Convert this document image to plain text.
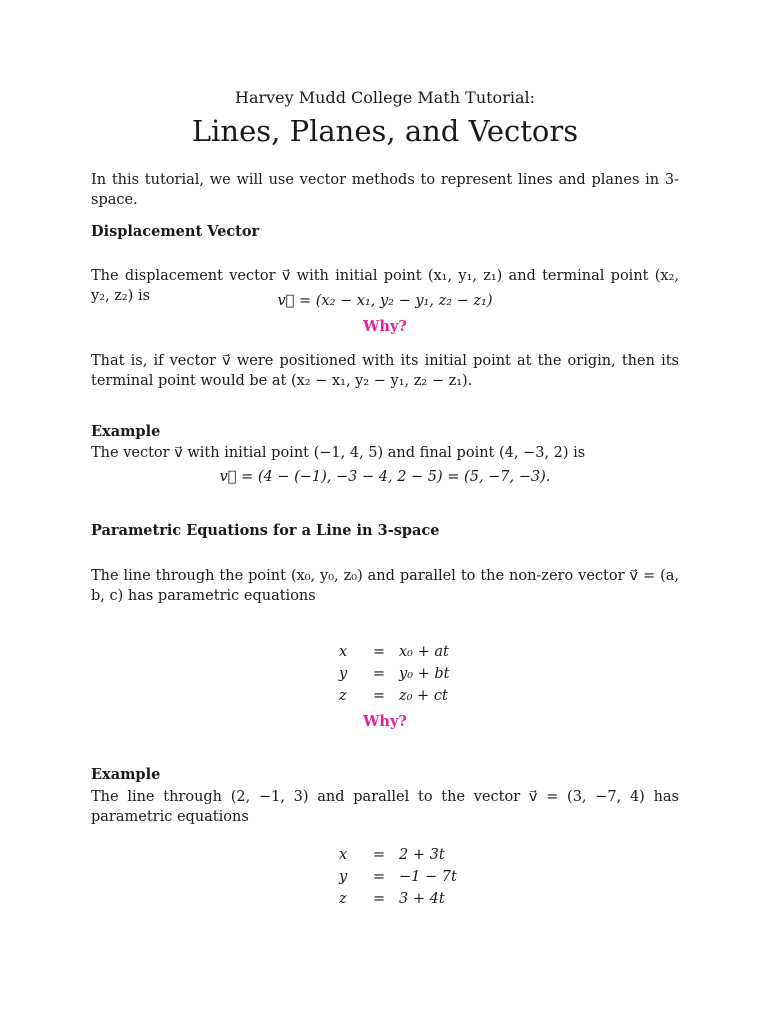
Harvey Mudd College Math Tutorial:
Lines, Planes, and Vectors
In this tutorial, we will use vector methods to represent lines and planes in 3-space.
Displacement Vector
The displacement vector v⃗ with initial point (x₁, y₁, z₁) and terminal point (x₂, y₂, z₂) is	v⃗ = (x₂ − x₁, y₂ − y₁, z₂ − z₁)
Why?
That is, if vector v⃗ were positioned with its initial point at the origin, then its terminal point would be at (x₂ − x₁, y₂ − y₁, z₂ − z₁).
Example
The vector v⃗ with initial point (−1, 4, 5) and final point (4, −3, 2) is
v⃗ = (4 − (−1), −3 − 4, 2 − 5) = (5, −7, −3).
Parametric Equations for a Line in 3-space
The line through the point (x₀, y₀, z₀) and parallel to the non-zero vector v⃗ = (a, b, c) has parametric equations
x	=	x₀ + at
y	=	y₀ + bt
z	=	z₀ + ct
Why?
Example
The line through (2, −1, 3) and parallel to the vector v⃗ = (3, −7, 4) has parametric equations
x	=	2 + 3t
y	=	−1 − 7t
z	=	3 + 4t
